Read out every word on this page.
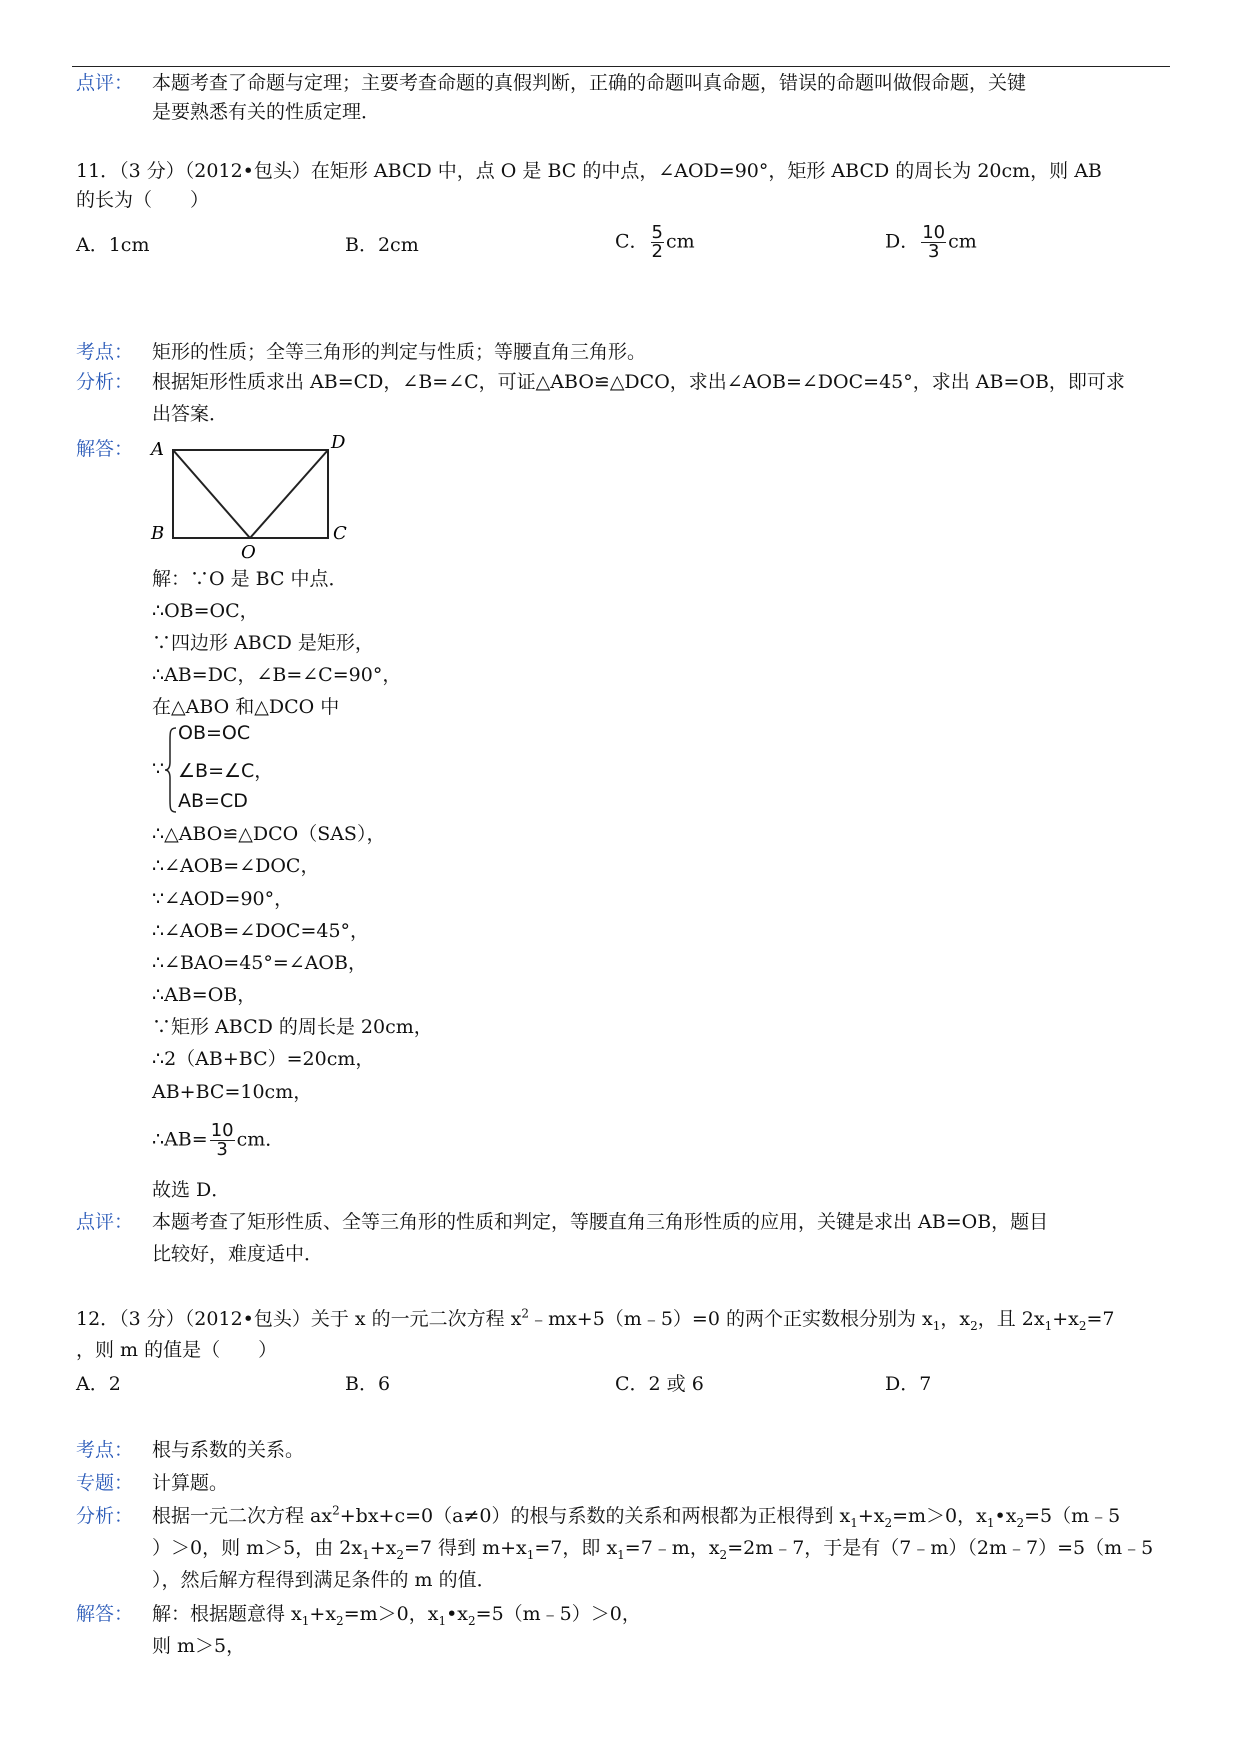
点评： 本题考查了命题与定理；主要考查命题的真假判断，正确的命题叫真命题，错误的命题叫做假命题，关键
是要熟悉有关的性质定理．
11．（3 分）（2012•包头）在矩形 ABCD 中，点 O 是 BC 的中点，∠AOD=90°，矩形 ABCD 的周长为 20cm，则 AB
的长为（　　）
A．1cm	B．2cm	C． $\frac{5}{2}$ cm	D． $\frac{10}{3}$ cm
考点： 矩形的性质；全等三角形的判定与性质；等腰直角三角形。
分析： 根据矩形性质求出 AB=CD，∠B=∠C，可证△ABO≌△DCO，求出∠AOB=∠DOC=45°，求出 AB=OB，即可求
出答案．
解答： A	D
B	C
O
解：∵O 是 BC 中点．
∴OB=OC，
∵四边形 ABCD 是矩形，
∴AB=DC，∠B=∠C=90°，
在△ABO 和△DCO 中
∵
OB=OC
∠B=∠C，
AB=CD
∴△ABO≌△DCO（SAS），
∴∠AOB=∠DOC，
∵∠AOD=90°，
∴∠AOB=∠DOC=45°，
∴∠BAO=45°=∠AOB，
∴AB=OB，
∵矩形 ABCD 的周长是 20cm，
∴2（AB+BC）=20cm，
AB+BC=10cm，
∴AB= $\frac{10}{3}$ cm．
故选 D．
点评： 本题考查了矩形性质、全等三角形的性质和判定，等腰直角三角形性质的应用，关键是求出 AB=OB，题目
比较好，难度适中．
12．（3 分）（2012•包头）关于 x 的一元二次方程 $x^2﹣mx+5(m﹣5)=0$ 的两个正实数根分别为 $x_1$，$x_2$，且 $2x_1+x_2=7$
，则 m 的值是（　　）
A．2	B．6	C．2 或 6	D．7
考点： 根与系数的关系。
专题： 计算题。
分析： 根据一元二次方程 $ax^2+bx+c=0(a\ne 0)$的根与系数的关系和两根都为正根得到 $x_1+x_2=m>0$，$x_1•x_2=5(m﹣5$
）＞0，则 m＞5，由 $2x_1+x_2=7$ 得到 $m+x_1=7$，即 $x_1=7﹣m$，$x_2=2m﹣7$，于是有（7﹣m）（2m﹣7）=5（m﹣5
），然后解方程得到满足条件的 m 的值．
解答： 解：根据题意得 $x_1+x_2=m>0$，$x_1•x_2=5(m﹣5)>0$，
则 m＞5，
